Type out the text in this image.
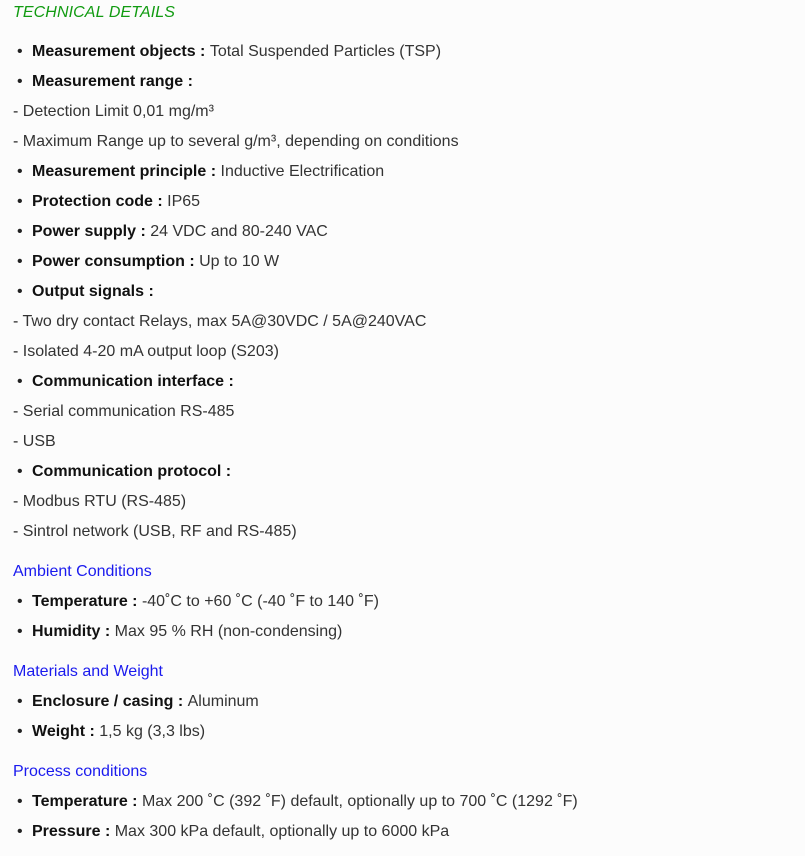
TECHNICAL DETAILS
• Measurement objects : Total Suspended Particles (TSP)
• Measurement range :
- Detection Limit 0,01 mg/m³
- Maximum Range up to several g/m³, depending on conditions
• Measurement principle : Inductive Electrification
• Protection code : IP65
• Power supply : 24 VDC and 80-240 VAC
• Power consumption : Up to 10 W
• Output signals :
- Two dry contact Relays, max 5A@30VDC / 5A@240VAC
- Isolated 4-20 mA output loop (S203)
• Communication interface :
- Serial communication RS-485
- USB
• Communication protocol :
- Modbus RTU (RS-485)
- Sintrol network (USB, RF and RS-485)
Ambient Conditions
• Temperature : -40˚C to +60 ˚C (-40 ˚F to 140 ˚F)
• Humidity : Max 95 % RH (non-condensing)
Materials and Weight
• Enclosure / casing : Aluminum
• Weight : 1,5 kg (3,3 lbs)
Process conditions
• Temperature : Max 200 ˚C (392 ˚F) default, optionally up to 700 ˚C (1292 ˚F)
• Pressure : Max 300 kPa default, optionally up to 6000 kPa
